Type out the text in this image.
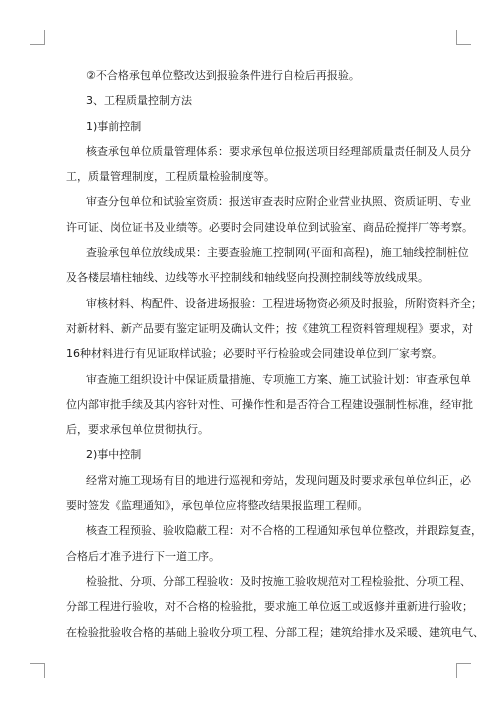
②不合格承包单位整改达到报验条件进行自检后再报验。
3、工程质量控制方法
1)事前控制
核查承包单位质量管理体系：要求承包单位报送项目经理部质量责任制及人员分
工，质量管理制度，工程质量检验制度等。
审查分包单位和试验室资质：报送审查表时应附企业营业执照、资质证明、专业
许可证、岗位证书及业绩等。必要时会同建设单位到试验室、商品砼搅拌厂等考察。
查验承包单位放线成果：主要查验施工控制网(平面和高程)，施工轴线控制桩位
及各楼层墙柱轴线、边线等水平控制线和轴线竖向投测控制线等放线成果。
审核材料、构配件、设备进场报验：工程进场物资必须及时报验，所附资料齐全；
对新材料、新产品要有鉴定证明及确认文件；按《建筑工程资料管理规程》要求，对
16种材料进行有见证取样试验；必要时平行检验或会同建设单位到厂家考察。
审查施工组织设计中保证质量措施、专项施工方案、施工试验计划：审查承包单
位内部审批手续及其内容针对性、可操作性和是否符合工程建设强制性标准，经审批
后，要求承包单位贯彻执行。
2)事中控制
经常对施工现场有目的地进行巡视和旁站，发现问题及时要求承包单位纠正，必
要时签发《监理通知》，承包单位应将整改结果报监理工程师。
核查工程预验、验收隐蔽工程：对不合格的工程通知承包单位整改，并跟踪复查，
合格后才准予进行下一道工序。
检验批、分项、分部工程验收：及时按施工验收规范对工程检验批、分项工程、
分部工程进行验收，对不合格的检验批，要求施工单位返工或返修并重新进行验收；
在检验批验收合格的基础上验收分项工程、分部工程；建筑给排水及采暖、建筑电气、
